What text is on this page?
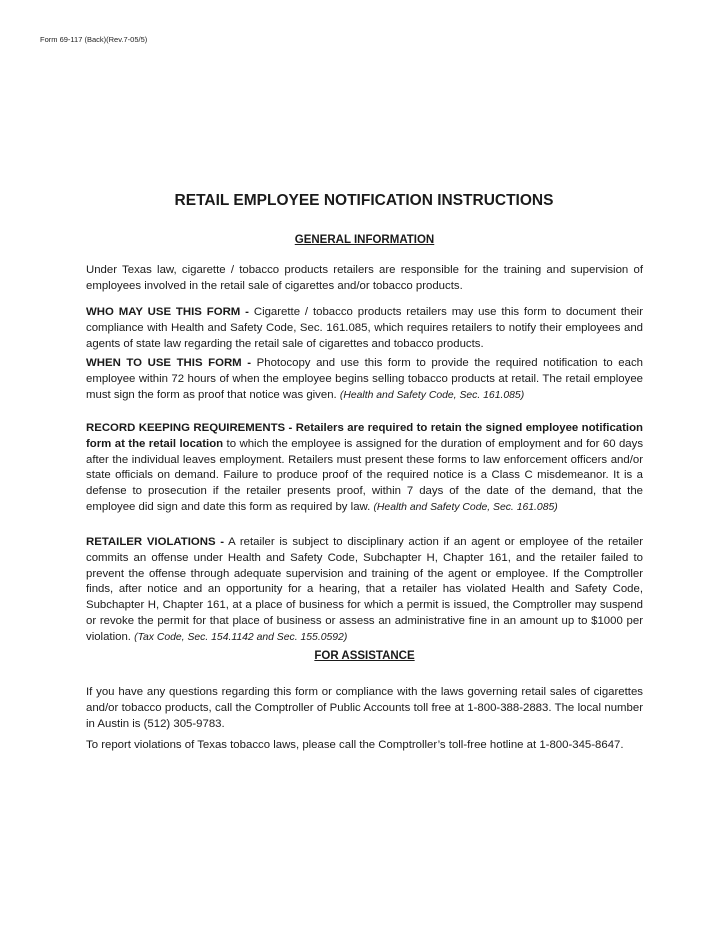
Form 69-117 (Back)(Rev.7-05/5)
RETAIL EMPLOYEE NOTIFICATION INSTRUCTIONS
GENERAL INFORMATION

Under Texas law, cigarette / tobacco products retailers are responsible for the training and supervision of employees involved in the retail sale of cigarettes and/or tobacco products.

WHO MAY USE THIS FORM - Cigarette / tobacco products retailers may use this form to document their compliance with Health and Safety Code, Sec. 161.085, which requires retailers to notify their employees and agents of state law regarding the retail sale of cigarettes and tobacco products.

WHEN TO USE THIS FORM - Photocopy and use this form to provide the required notification to each employee within 72 hours of when the employee begins selling tobacco products at retail. The retail employee must sign the form as proof that notice was given. (Health and Safety Code, Sec. 161.085)

RECORD KEEPING REQUIREMENTS - Retailers are required to retain the signed employee notification form at the retail location to which the employee is assigned for the duration of employment and for 60 days after the individual leaves employment. Retailers must present these forms to law enforcement officers and/or state officials on demand. Failure to produce proof of the required notice is a Class C misdemeanor. It is a defense to prosecution if the retailer presents proof, within 7 days of the date of the demand, that the employee did sign and date this form as required by law. (Health and Safety Code, Sec. 161.085)

RETAILER VIOLATIONS - A retailer is subject to disciplinary action if an agent or employee of the retailer commits an offense under Health and Safety Code, Subchapter H, Chapter 161, and the retailer failed to prevent the offense through adequate supervision and training of the agent or employee. If the Comptroller finds, after notice and an opportunity for a hearing, that a retailer has violated Health and Safety Code, Subchapter H, Chapter 161, at a place of business for which a permit is issued, the Comptroller may suspend or revoke the permit for that place of business or assess an administrative fine in an amount up to $1000 per violation. (Tax Code, Sec. 154.1142 and Sec. 155.0592)

FOR ASSISTANCE

If you have any questions regarding this form or compliance with the laws governing retail sales of cigarettes and/or tobacco products, call the Comptroller of Public Accounts toll free at 1-800-388-2883. The local number in Austin is (512) 305-9783.

To report violations of Texas tobacco laws, please call the Comptroller’s toll-free hotline at 1-800-345-8647.
